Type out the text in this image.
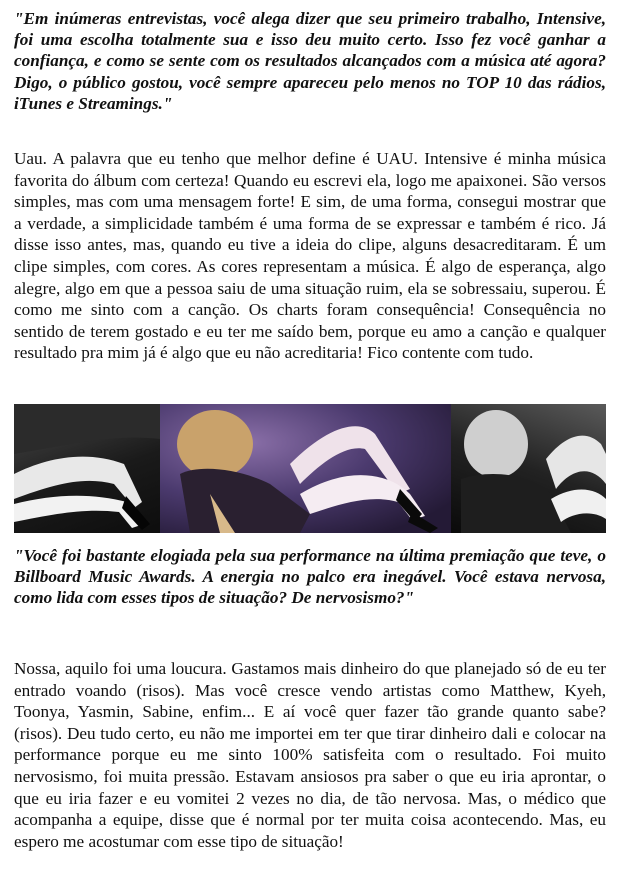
"Em inúmeras entrevistas, você alega dizer que seu primeiro trabalho, Intensive, foi uma escolha totalmente sua e isso deu muito certo. Isso fez você ganhar a confiança, e como se sente com os resultados alcançados com a música até agora? Digo, o público gostou, você sempre apareceu pelo menos no TOP 10 das rádios, iTunes e Streamings."

Uau. A palavra que eu tenho que melhor define é UAU. Intensive é minha música favorita do álbum com certeza! Quando eu escrevi ela, logo me apaixonei. São versos simples, mas com uma mensagem forte! E sim, de uma forma, consegui mostrar que a verdade, a simplicidade também é uma forma de se expressar e também é rico. Já disse isso antes, mas, quando eu tive a ideia do clipe, alguns desacreditaram. É um clipe simples, com cores. As cores representam a música. É algo de esperança, algo alegre, algo em que a pessoa saiu de uma situação ruim, ela se sobressaiu, superou. É como me sinto com a canção. Os charts foram consequência! Consequência no sentido de terem gostado e eu ter me saído bem, porque eu amo a canção e qualquer resultado pra mim já é algo que eu não acreditaria! Fico contente com tudo.

"Você foi bastante elogiada pela sua performance na última premiação que teve, o Billboard Music Awards. A energia no palco era inegável. Você estava nervosa, como lida com esses tipos de situação? De nervosismo?"

Nossa, aquilo foi uma loucura. Gastamos mais dinheiro do que planejado só de eu ter entrado voando (risos). Mas você cresce vendo artistas como Matthew, Kyeh, Toonya, Yasmin, Sabine, enfim... E aí você quer fazer tão grande quanto sabe? (risos). Deu tudo certo, eu não me importei em ter que tirar dinheiro dali e colocar na performance porque eu me sinto 100% satisfeita com o resultado. Foi muito nervosismo, foi muita pressão. Estavam ansiosos pra saber o que eu iria aprontar, o que eu iria fazer e eu vomitei 2 vezes no dia, de tão nervosa. Mas, o médico que acompanha a equipe, disse que é normal por ter muita coisa acontecendo. Mas, eu espero me acostumar com esse tipo de situação!
